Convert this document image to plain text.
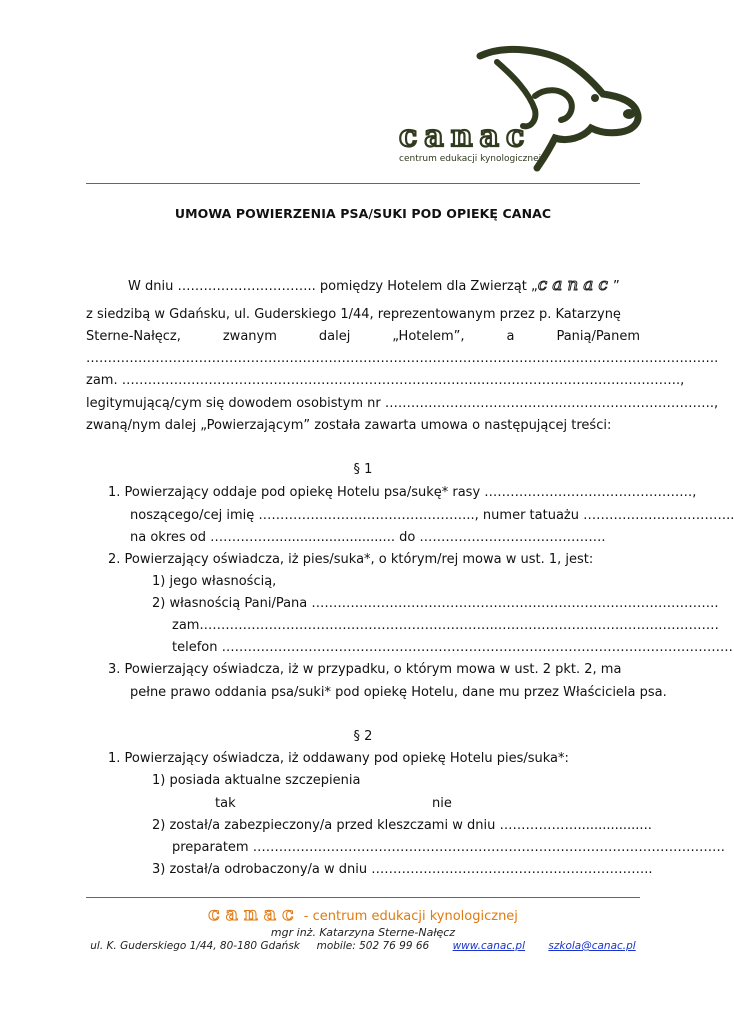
canac
centrum edukacji kynologicznej
UMOWA POWIERZENIA PSA/SUKI POD OPIEKĘ CANAC
W dniu ………………………….. pomiędzy Hotelem dla Zwierząt „canac”
z siedzibą w Gdańsku, ul. Guderskiego 1/44, reprezentowanym przez p. Katarzynę
Sterne-Nałęcz,	zwanym	dalej	„Hotelem”,	a	Panią/Panem
……………………………………….……………………………………………………………………………………….
zam. ………………………………………………………………………..……………………………………….,
legitymującą/cym się dowodem osobistym nr ………………………………………………………………….,
zwaną/nym dalej „Powierzającym” została zawarta umowa o następującej treści:
§ 1
1. Powierzający oddaje pod opiekę Hotelu psa/sukę* rasy …………………………………………,
noszącego/cej imię ………………………………………….., numer tatuażu ……………………………..
na okres od ……………............................. do …………………………………….
2. Powierzający oświadcza, iż pies/suka*, o którym/rej mowa w ust. 1, jest:
1) jego własnością,
2) własnością Pani/Pana ………………………………………………………………………………….
zam.…………………………………………………………..……………………………………………
telefon ……………………………………………………………………………………………………….
3. Powierzający oświadcza, iż w przypadku, o którym mowa w ust. 2 pkt. 2, ma
pełne prawo oddania psa/suki* pod opiekę Hotelu, dane mu przez Właściciela psa.
§ 2
1. Powierzający oświadcza, iż oddawany pod opiekę Hotelu pies/suka*:
1) posiada aktualne szczepienia
tak	nie
2) został/a zabezpieczony/a przed kleszczami w dniu ………………..................
preparatem ……………………………………………………………………………………………….
3) został/a odrobaczony/a w dniu ………………………………………………………..
canac - centrum edukacji kynologicznej
mgr inż. Katarzyna Sterne-Nałęcz
ul. K. Guderskiego 1/44, 80-180 Gdańsk mobile: 502 76 99 66 www.canac.pl szkola@canac.pl
